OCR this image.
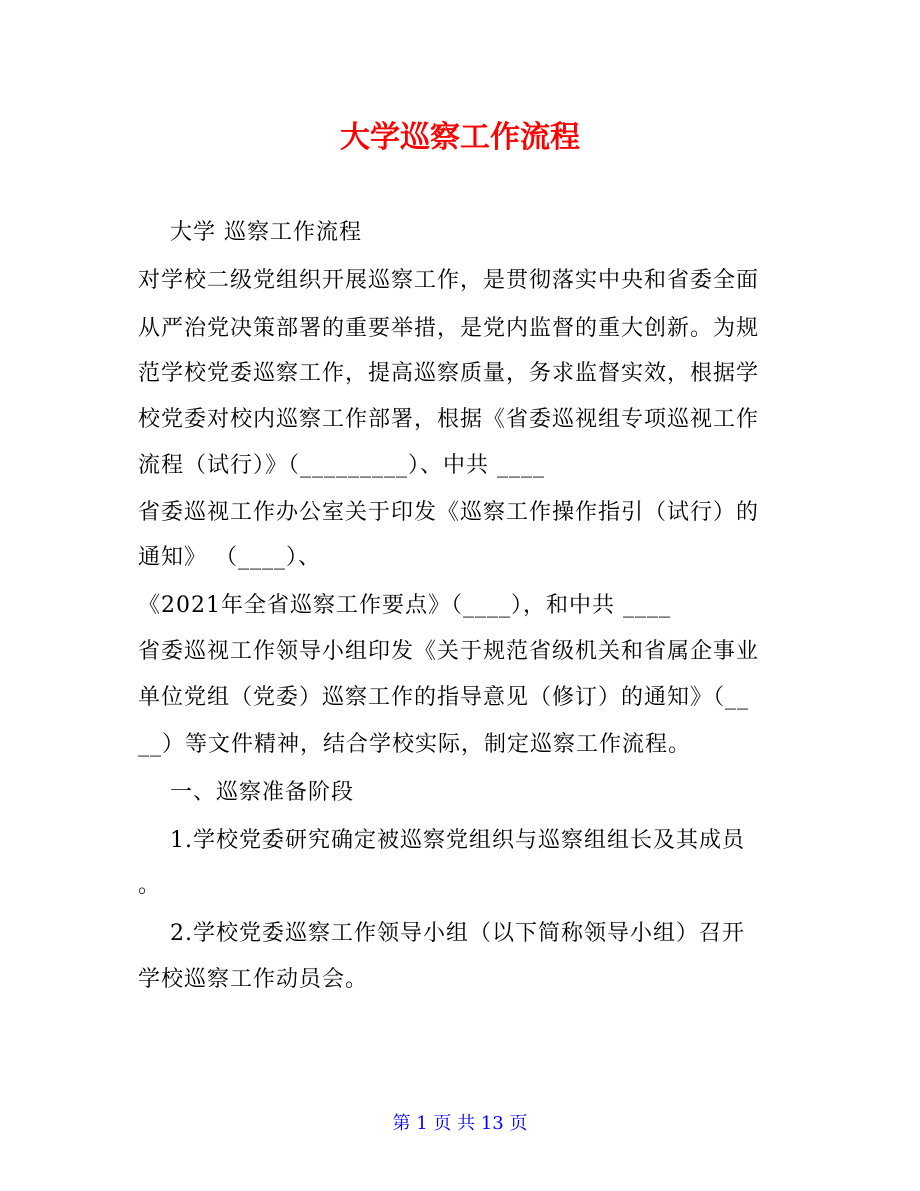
大学巡察工作流程
大学 巡察工作流程
对学校二级党组织开展巡察工作，是贯彻落实中央和省委全面
从严治党决策部署的重要举措，是党内监督的重大创新。为规
范学校党委巡察工作，提高巡察质量，务求监督实效，根据学
校党委对校内巡察工作部署，根据《省委巡视组专项巡视工作
流程（试行）》（_________）、中共 ____
省委巡视工作办公室关于印发《巡察工作操作指引（试行）的
通知》 （____）、
《2021年全省巡察工作要点》（____），和中共 ____
省委巡视工作领导小组印发《关于规范省级机关和省属企事业
单位党组（党委）巡察工作的指导意见（修订）的通知》（__
__）等文件精神，结合学校实际，制定巡察工作流程。
一、巡察准备阶段
1.学校党委研究确定被巡察党组织与巡察组组长及其成员
。
2.学校党委巡察工作领导小组（以下简称领导小组）召开
学校巡察工作动员会。
第 1 页 共 13 页
